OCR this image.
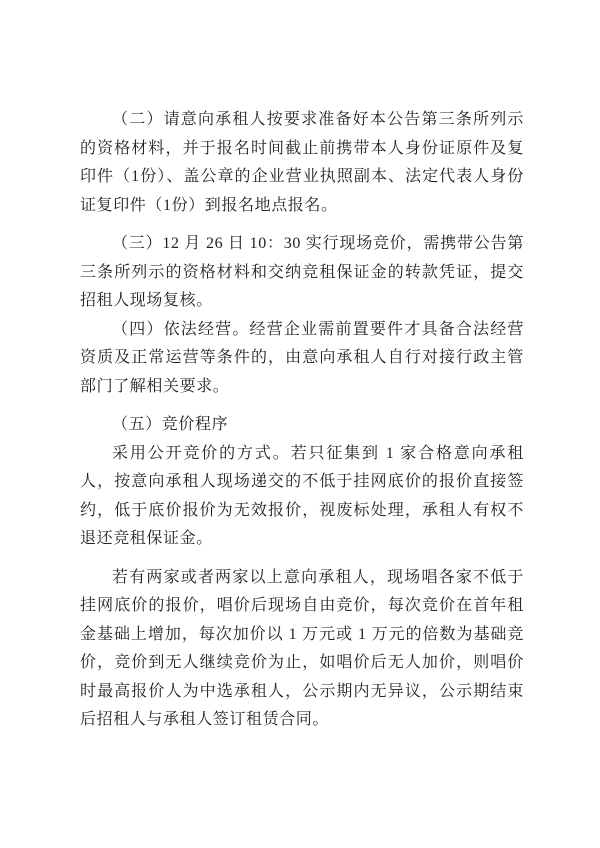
（二）请意向承租人按要求准备好本公告第三条所列示的资格材料，并于报名时间截止前携带本人身份证原件及复印件（1份）、盖公章的企业营业执照副本、法定代表人身份证复印件（1份）到报名地点报名。

（三）12 月 26 日 10：30 实行现场竞价，需携带公告第三条所列示的资格材料和交纳竞租保证金的转款凭证，提交招租人现场复核。

（四）依法经营。经营企业需前置要件才具备合法经营资质及正常运营等条件的，由意向承租人自行对接行政主管部门了解相关要求。

（五）竞价程序

采用公开竞价的方式。若只征集到 1 家合格意向承租人，按意向承租人现场递交的不低于挂网底价的报价直接签约，低于底价报价为无效报价，视废标处理，承租人有权不退还竞租保证金。

若有两家或者两家以上意向承租人，现场唱各家不低于挂网底价的报价，唱价后现场自由竞价，每次竞价在首年租金基础上增加，每次加价以 1 万元或 1 万元的倍数为基础竞价，竞价到无人继续竞价为止，如唱价后无人加价，则唱价时最高报价人为中选承租人，公示期内无异议，公示期结束后招租人与承租人签订租赁合同。
